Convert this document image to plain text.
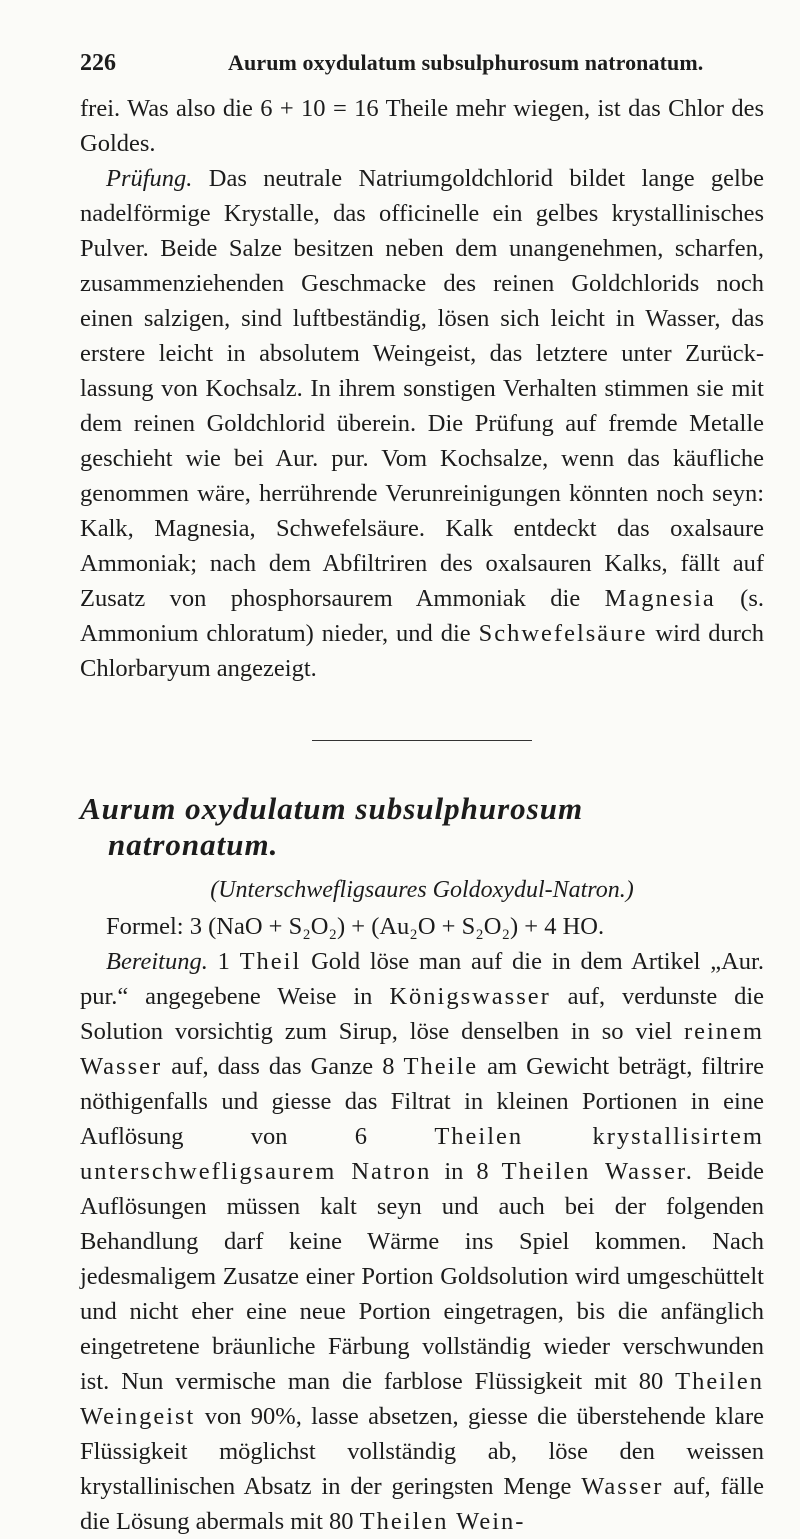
226	Aurum oxydulatum subsulphurosum natronatum.

frei. Was also die 6 + 10 = 16 Theile mehr wiegen, ist das Chlor des Goldes.

Prüfung. Das neutrale Natriumgoldchlorid bildet lange gelbe nadelförmige Krystalle, das officinelle ein gelbes krystallinisches Pulver. Beide Salze besitzen neben dem unangenehmen, scharfen, zusammenziehenden Geschmacke des reinen Goldchlorids noch einen salzigen, sind luftbeständig, lösen sich leicht in Wasser, das erstere leicht in absolutem Weingeist, das letztere unter Zurücklassung von Kochsalz. In ihrem sonstigen Verhalten stimmen sie mit dem reinen Goldchlorid überein. Die Prüfung auf fremde Metalle geschieht wie bei Aur. pur. Vom Kochsalze, wenn das käufliche genommen wäre, herrührende Verunreinigungen könnten noch seyn: Kalk, Magnesia, Schwefelsäure. Kalk entdeckt das oxalsaure Ammoniak; nach dem Abfiltriren des oxalsauren Kalks, fällt auf Zusatz von phosphorsaurem Ammoniak die Magnesia (s. Ammonium chloratum) nieder, und die Schwefelsäure wird durch Chlorbaryum angezeigt.

Aurum oxydulatum subsulphurosum
natronatum.
(Unterschwefligsaures Goldoxydul-Natron.)

Formel: 3 (NaO + S₂O₂) + (Au₂O + S₂O₂) + 4 HO.

Bereitung. 1 Theil Gold löse man auf die in dem Artikel „Aur. pur.“ angegebene Weise in Königswasser auf, verdunste die Solution vorsichtig zum Sirup, löse denselben in so viel reinem Wasser auf, dass das Ganze 8 Theile am Gewicht beträgt, filtrire nöthigenfalls und giesse das Filtrat in kleinen Portionen in eine Auflösung von 6 Theilen krystallisirtem unterschwefligsaurem Natron in 8 Theilen Wasser. Beide Auflösungen müssen kalt seyn und auch bei der folgenden Behandlung darf keine Wärme ins Spiel kommen. Nach jedesmaligem Zusatze einer Portion Goldsolution wird umgeschüttelt und nicht eher eine neue Portion eingetragen, bis die anfänglich eingetretene bräunliche Färbung vollständig wieder verschwunden ist. Nun vermische man die farblose Flüssigkeit mit 80 Theilen Weingeist von 90%, lasse absetzen, giesse die überstehende klare Flüssigkeit möglichst vollständig ab, löse den weissen krystallinischen Absatz in der geringsten Menge Wasser auf, fälle die Lösung abermals mit 80 Theilen Wein-
